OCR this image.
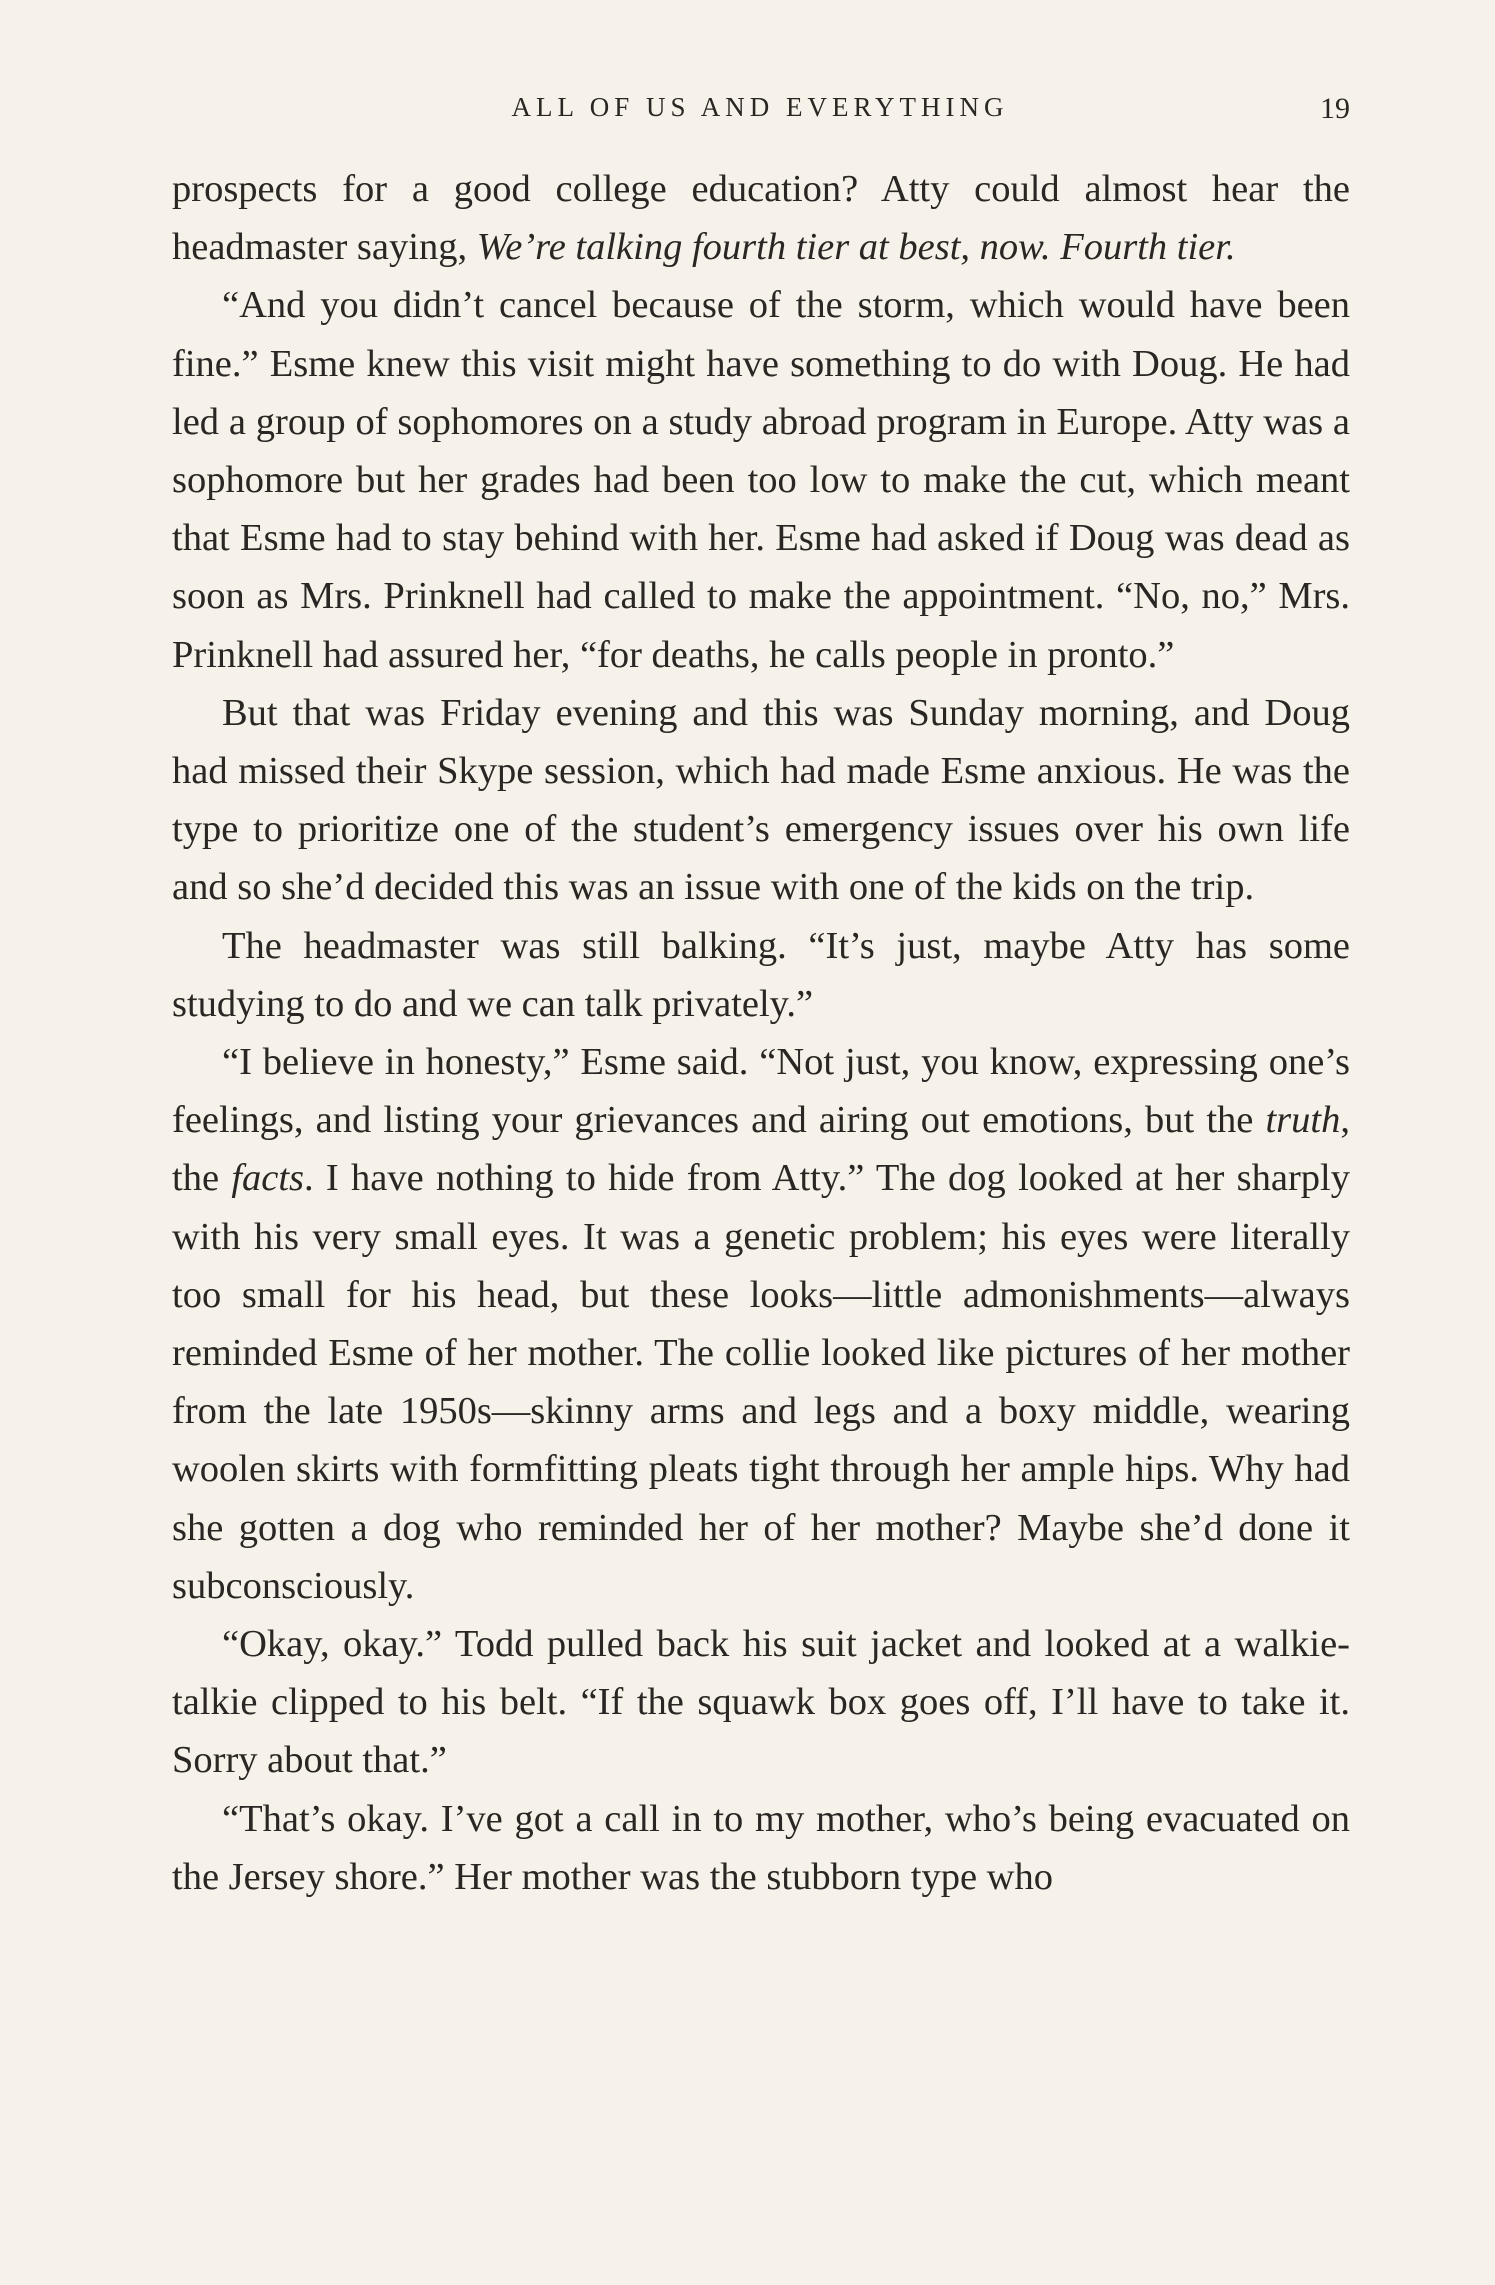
ALL OF US AND EVERYTHING	19

prospects for a good college education? Atty could almost hear the headmaster saying, We’re talking fourth tier at best, now. Fourth tier.

“And you didn’t cancel because of the storm, which would have been fine.” Esme knew this visit might have something to do with Doug. He had led a group of sophomores on a study abroad program in Europe. Atty was a sophomore but her grades had been too low to make the cut, which meant that Esme had to stay behind with her. Esme had asked if Doug was dead as soon as Mrs. Prinknell had called to make the appointment. “No, no,” Mrs. Prinknell had assured her, “for deaths, he calls people in pronto.”

But that was Friday evening and this was Sunday morning, and Doug had missed their Skype session, which had made Esme anxious. He was the type to prioritize one of the student’s emergency issues over his own life and so she’d decided this was an issue with one of the kids on the trip.

The headmaster was still balking. “It’s just, maybe Atty has some studying to do and we can talk privately.”

“I believe in honesty,” Esme said. “Not just, you know, expressing one’s feelings, and listing your grievances and airing out emotions, but the truth, the facts. I have nothing to hide from Atty.” The dog looked at her sharply with his very small eyes. It was a genetic problem; his eyes were literally too small for his head, but these looks—little admonishments—always reminded Esme of her mother. The collie looked like pictures of her mother from the late 1950s—skinny arms and legs and a boxy middle, wearing woolen skirts with formfitting pleats tight through her ample hips. Why had she gotten a dog who reminded her of her mother? Maybe she’d done it subconsciously.

“Okay, okay.” Todd pulled back his suit jacket and looked at a walkie-talkie clipped to his belt. “If the squawk box goes off, I’ll have to take it. Sorry about that.”

“That’s okay. I’ve got a call in to my mother, who’s being evacuated on the Jersey shore.” Her mother was the stubborn type who
